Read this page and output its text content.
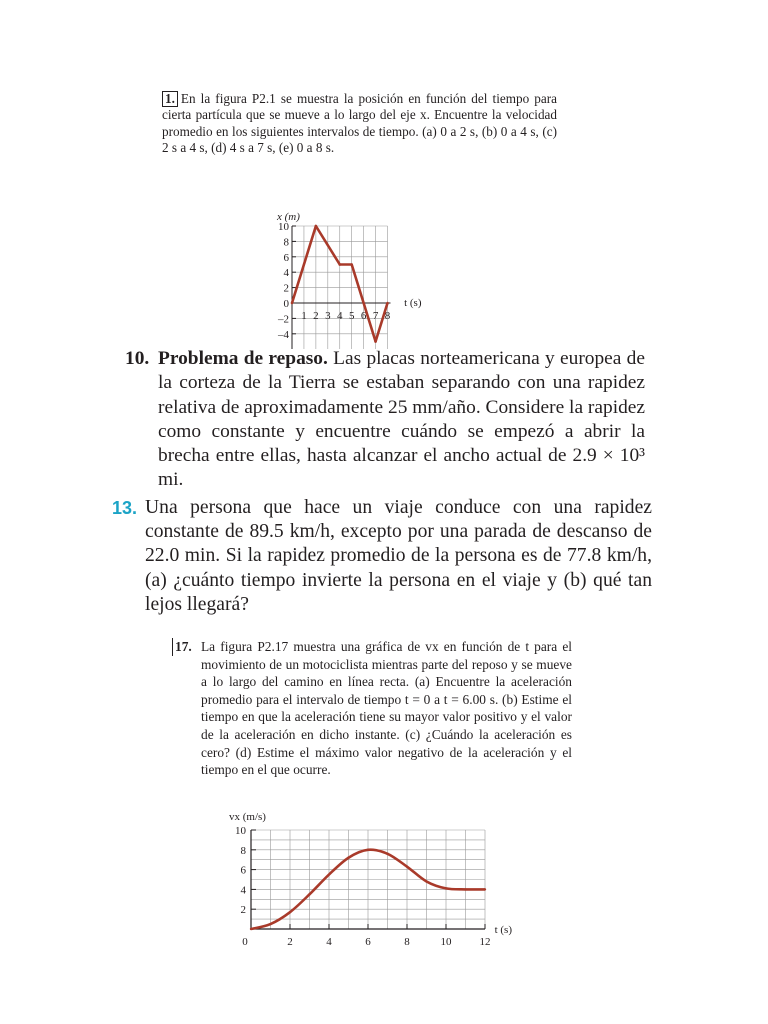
1. En la figura P2.1 se muestra la posición en función del tiempo para cierta partícula que se mueve a lo largo del eje x. Encuentre la velocidad promedio en los siguientes intervalos de tiempo. (a) 0 a 2 s, (b) 0 a 4 s, (c) 2 s a 4 s, (d) 4 s a 7 s, (e) 0 a 8 s.
10
8
6
4
2
0
–2
–4
1 2 3 4 5 6 7 8
x (m)
t (s)
10. Problema de repaso. Las placas norteamericana y europea de la corteza de la Tierra se estaban separando con una rapidez relativa de aproximadamente 25 mm/año. Considere la rapidez como constante y encuentre cuándo se empezó a abrir la brecha entre ellas, hasta alcanzar el ancho actual de 2.9 × 10³ mi.
13. Una persona que hace un viaje conduce con una rapidez constante de 89.5 km/h, excepto por una parada de descanso de 22.0 min. Si la rapidez promedio de la persona es de 77.8 km/h, (a) ¿cuánto tiempo invierte la persona en el viaje y (b) qué tan lejos llegará?
17. La figura P2.17 muestra una gráfica de vx en función de t para el movimiento de un motociclista mientras parte del reposo y se mueve a lo largo del camino en línea recta. (a) Encuentre la aceleración promedio para el intervalo de tiempo t = 0 a t = 6.00 s. (b) Estime el tiempo en que la aceleración tiene su mayor valor positivo y el valor de la aceleración en dicho instante. (c) ¿Cuándo la aceleración es cero? (d) Estime el máximo valor negativo de la aceleración y el tiempo en el que ocurre.
10
8
6
4
2
0	2	4	6	8	10	12
vx (m/s)
t (s)
